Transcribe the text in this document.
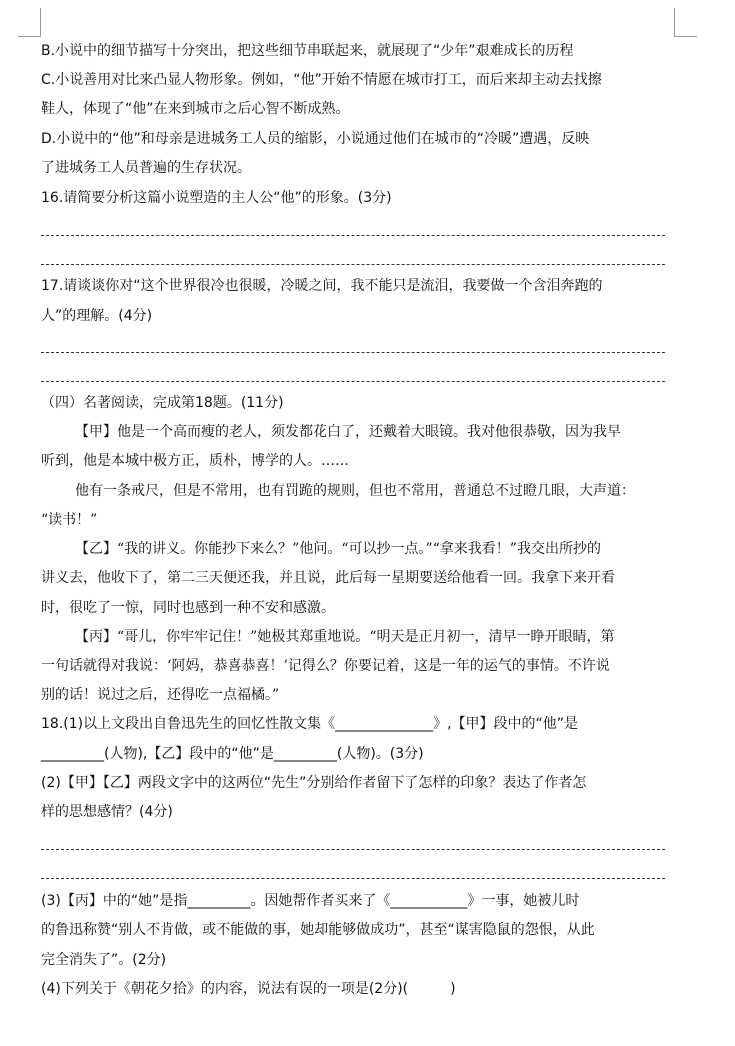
B.小说中的细节描写十分突出，把这些细节串联起来，就展现了“少年”艰难成长的历程
C.小说善用对比来凸显人物形象。例如，“他”开始不情愿在城市打工，而后来却主动去找擦
鞋人，体现了“他”在来到城市之后心智不断成熟。
D.小说中的“他”和母亲是进城务工人员的缩影，小说通过他们在城市的“冷暖”遭遇，反映
了进城务工人员普遍的生存状况。
16.请简要分析这篇小说塑造的主人公“他”的形象。(3分)
17.请谈谈你对“这个世界很冷也很暖，冷暖之间，我不能只是流泪，我要做一个含泪奔跑的
人”的理解。(4分)
（四）名著阅读，完成第18题。(11分)
【甲】他是一个高而瘦的老人，须发都花白了，还戴着大眼镜。我对他很恭敬，因为我早
听到，他是本城中极方正，质朴，博学的人。……
他有一条戒尺，但是不常用，也有罚跪的规则，但也不常用，普通总不过瞪几眼，大声道：
“读书！”
【乙】“我的讲义。你能抄下来么？”他问。“可以抄一点。”“拿来我看！”我交出所抄的
讲义去，他收下了，第二三天便还我，并且说，此后每一星期要送给他看一回。我拿下来开看
时，很吃了一惊，同时也感到一种不安和感激。
【丙】“哥儿，你牢牢记住！”她极其郑重地说。“明天是正月初一，清早一睁开眼睛，第
一句话就得对我说：‘阿妈，恭喜恭喜！’记得么？你要记着，这是一年的运气的事情。不许说
别的话！说过之后，还得吃一点福橘。”
18.(1)以上文段出自鲁迅先生的回忆性散文集《______________》,【甲】段中的“他”是
_________(人物),【乙】段中的“他”是_________(人物)。(3分)
(2)【甲】【乙】两段文字中的这两位“先生”分别给作者留下了怎样的印象？表达了作者怎
样的思想感情？(4分)
(3)【丙】中的“她”是指_________。因她帮作者买来了《___________》一事，她被儿时
的鲁迅称赞“别人不肯做，或不能做的事，她却能够做成功”，甚至“谋害隐鼠的怨恨，从此
完全消失了”。(2分)
(4)下列关于《朝花夕拾》的内容，说法有误的一项是(2分)(　　　)
